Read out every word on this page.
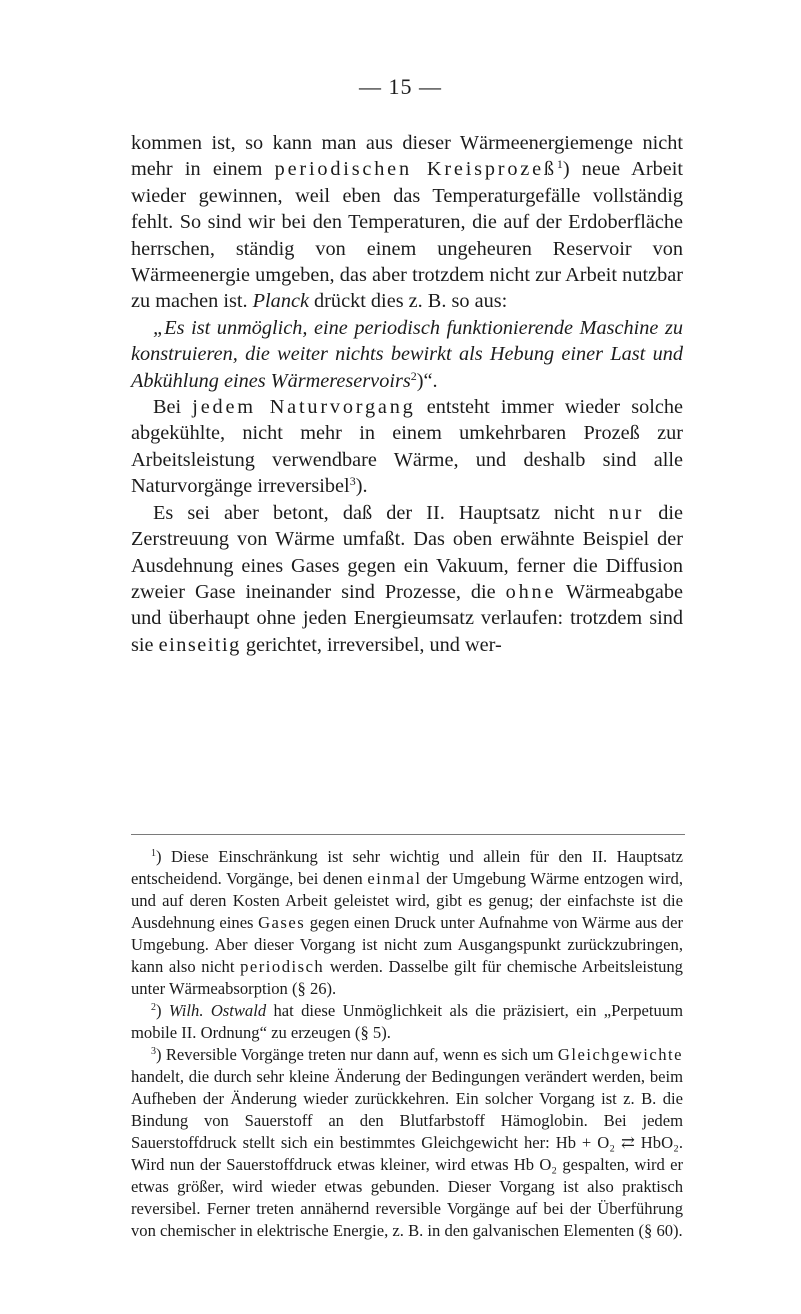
— 15 —

kommen ist, so kann man aus dieser Wärmeenergiemenge nicht mehr in einem periodischen Kreisprozeß$^1$) neue Arbeit wieder gewinnen, weil eben das Temperaturgefälle vollständig fehlt. So sind wir bei den Temperaturen, die auf der Erdoberfläche herrschen, ständig von einem ungeheuren Reservoir von Wärmeenergie umgeben, das aber trotzdem nicht zur Arbeit nutzbar zu machen ist. Planck drückt dies z. B. so aus:

„Es ist unmöglich, eine periodisch funktionierende Maschine zu konstruieren, die weiter nichts bewirkt als Hebung einer Last und Abkühlung eines Wärmereservoirs$^2$)“.

Bei jedem Naturvorgang entsteht immer wieder solche abgekühlte, nicht mehr in einem umkehrbaren Prozeß zur Arbeitsleistung verwendbare Wärme, und deshalb sind alle Naturvorgänge irreversibel$^3$).

Es sei aber betont, daß der II. Hauptsatz nicht nur die Zerstreuung von Wärme umfaßt. Das oben erwähnte Beispiel der Ausdehnung eines Gases gegen ein Vakuum, ferner die Diffusion zweier Gase ineinander sind Prozesse, die ohne Wärmeabgabe und überhaupt ohne jeden Energieumsatz verlaufen: trotzdem sind sie einseitig gerichtet, irreversibel, und wer-

$^1$) Diese Einschränkung ist sehr wichtig und allein für den II. Hauptsatz entscheidend. Vorgänge, bei denen einmal der Umgebung Wärme entzogen wird, und auf deren Kosten Arbeit geleistet wird, gibt es genug; der einfachste ist die Ausdehnung eines Gases gegen einen Druck unter Aufnahme von Wärme aus der Umgebung. Aber dieser Vorgang ist nicht zum Ausgangspunkt zurückzubringen, kann also nicht periodisch werden. Dasselbe gilt für chemische Arbeitsleistung unter Wärmeabsorption (§ 26).

$^2$) Wilh. Ostwald hat diese Unmöglichkeit als die präzisiert, ein „Perpetuum mobile II. Ordnung“ zu erzeugen (§ 5).

$^3$) Reversible Vorgänge treten nur dann auf, wenn es sich um Gleichgewichte handelt, die durch sehr kleine Änderung der Bedingungen verändert werden, beim Aufheben der Änderung wieder zurückkehren. Ein solcher Vorgang ist z. B. die Bindung von Sauerstoff an den Blutfarbstoff Hämoglobin. Bei jedem Sauerstoffdruck stellt sich ein bestimmtes Gleichgewicht her: Hb + O₂ ⇄ HbO₂. Wird nun der Sauerstoffdruck etwas kleiner, wird etwas Hb O₂ gespalten, wird er etwas größer, wird wieder etwas gebunden. Dieser Vorgang ist also praktisch reversibel. Ferner treten annähernd reversible Vorgänge auf bei der Überführung von chemischer in elektrische Energie, z. B. in den galvanischen Elementen (§ 60).
